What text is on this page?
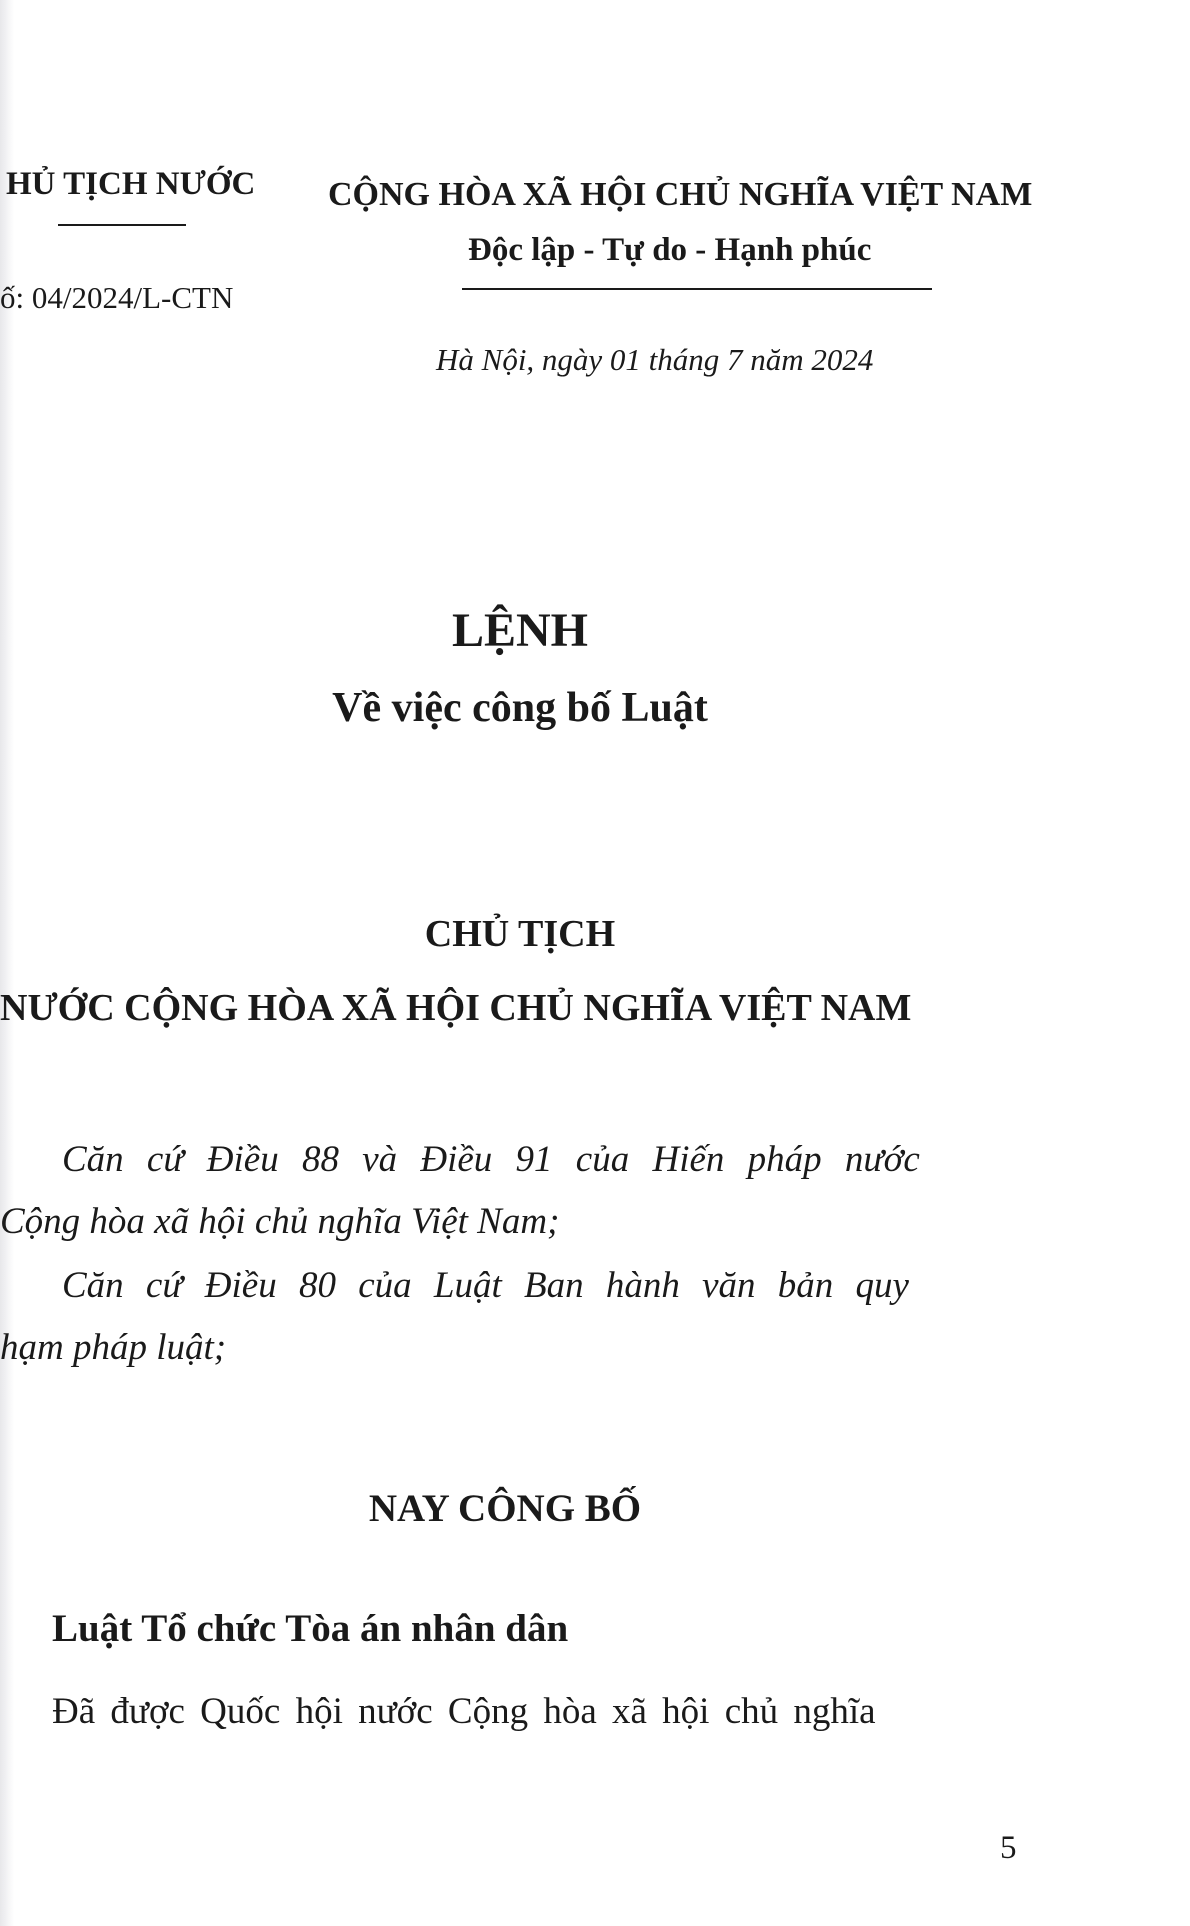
HỦ TỊCH NƯỚC
ố: 04/2024/L-CTN
CỘNG HÒA XÃ HỘI CHỦ NGHĨA VIỆT NAM
Độc lập - Tự do - Hạnh phúc
Hà Nội, ngày 01 tháng 7 năm 2024
LỆNH
Về việc công bố Luật
CHỦ TỊCH
NƯỚC CỘNG HÒA XÃ HỘI CHỦ NGHĨA VIỆT NAM
Căn cứ Điều 88 và Điều 91 của Hiến pháp nước
Cộng hòa xã hội chủ nghĩa Việt Nam;
Căn cứ Điều 80 của Luật Ban hành văn bản quy
hạm pháp luật;
NAY CÔNG BỐ
Luật Tổ chức Tòa án nhân dân
Đã được Quốc hội nước Cộng hòa xã hội chủ nghĩa
5
